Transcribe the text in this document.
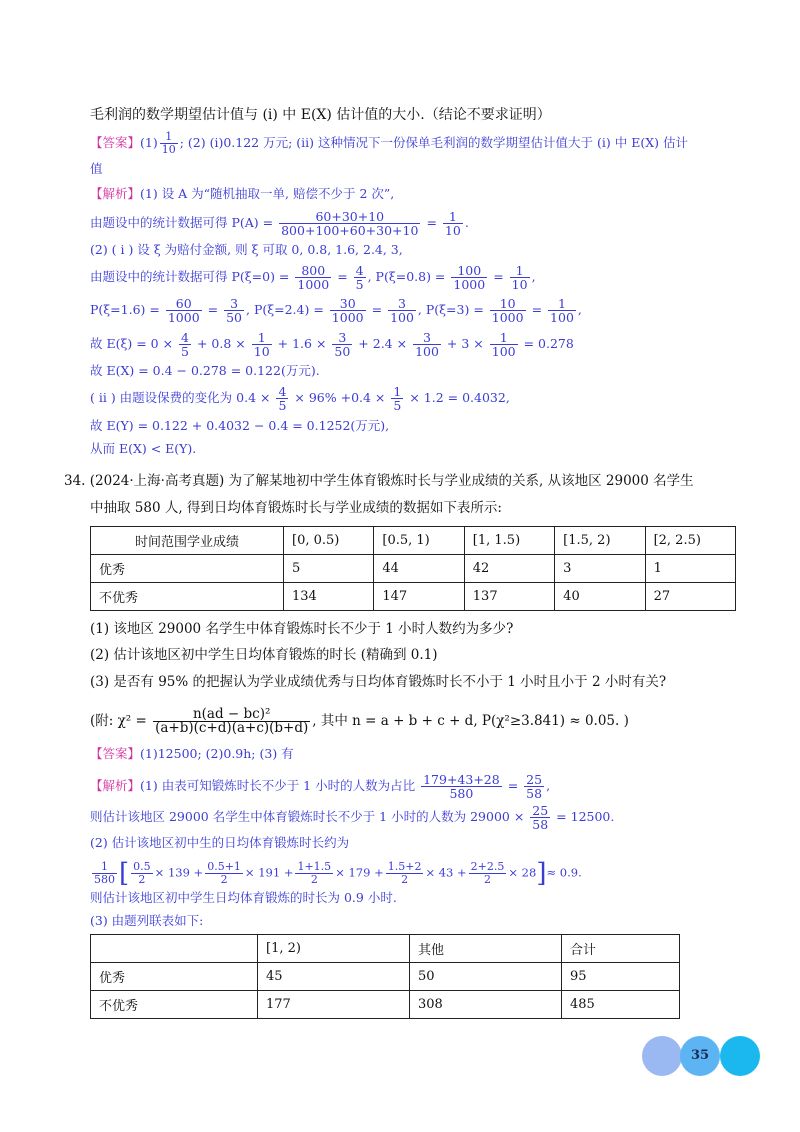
毛利润的数学期望估计值与 (i) 中 E(X) 估计值的大小.（结论不要求证明）
【答案】$(1) \frac{1}{10}$ ; (2) (i)0.122 万元; (ii) 这种情况下一份保单毛利润的数学期望估计值大于 (i) 中 E(X) 估计
值
【解析】(1) 设 A 为“随机抽取一单, 赔偿不少于 2 次”,
由题设中的统计数据可得 $P(A) = \frac{60+30+10}{800+100+60+30+10} = \frac{1}{10}$ .
(2) ( i ) 设 ξ 为赔付金额, 则 ξ 可取 0, 0.8, 1.6, 2.4, 3,
由题设中的统计数据可得 $P(\xi=0) = \frac{800}{1000} = \frac{4}{5}$ , $P(\xi=0.8) = \frac{100}{1000} = \frac{1}{10}$ ,
$P(\xi=1.6) = \frac{60}{1000} = \frac{3}{50}$ , $P(\xi=2.4) = \frac{30}{1000} = \frac{3}{100}$ , $P(\xi=3) = \frac{10}{1000} = \frac{1}{100}$ ,
故 $E(\xi) = 0 \times \frac{4}{5} + 0.8 \times \frac{1}{10} + 1.6 \times \frac{3}{50} + 2.4 \times \frac{3}{100} + 3 \times \frac{1}{100} = 0.278$
故 E(X) = 0.4 − 0.278 = 0.122(万元).
( ii ) 由题设保费的变化为 $0.4 \times \frac{4}{5} \times 96\% +0.4 \times \frac{1}{5} \times 1.2 = 0.4032$,
故 E(Y) = 0.122 + 0.4032 − 0.4 = 0.1252(万元),
从而 E(X) < E(Y).
34. (2024·上海·高考真题) 为了解某地初中学生体育锻炼时长与学业成绩的关系, 从该地区 29000 名学生
中抽取 580 人, 得到日均体育锻炼时长与学业成绩的数据如下表所示:
时间范围学业成绩	[0, 0.5)	[0.5, 1)	[1, 1.5)	[1.5, 2)	[2, 2.5)
优秀	5	44	42	3	1
不优秀	134	147	137	40	27
(1) 该地区 29000 名学生中体育锻炼时长不少于 1 小时人数约为多少?
(2) 估计该地区初中学生日均体育锻炼的时长 (精确到 0.1)
(3) 是否有 95% 的把握认为学业成绩优秀与日均体育锻炼时长不小于 1 小时且小于 2 小时有关?
(附: $\chi^2 = \frac{\text{n(ad − bc)²}}{(a+b)(c+d)(a+c)(b+d)}$ , 其中 n = a + b + c + d, P(χ²≥3.841) ≈ 0.05. )
【答案】(1)12500; (2)0.9h; (3) 有
【解析】(1) 由表可知锻炼时长不少于 1 小时的人数为占比 $\frac{179+43+28}{580} = \frac{25}{58}$ ,
则估计该地区 29000 名学生中体育锻炼时长不少于 1 小时的人数为 $29000 \times \frac{25}{58} = 12500$.
(2) 估计该地区初中生的日均体育锻炼时长约为
$\frac{1}{580}$ [ $\frac{0.5}{2} \times 139 + \frac{0.5+1}{2} \times 191 + \frac{1+1.5}{2} \times 179 + \frac{1.5+2}{2} \times 43 + \frac{2+2.5}{2} \times 28]\approx 0.9$.
则估计该地区初中学生日均体育锻炼的时长为 0.9 小时.
(3) 由题列联表如下:
	[1, 2)	其他	合计
优秀	45	50	95
不优秀	177	308	485
35
